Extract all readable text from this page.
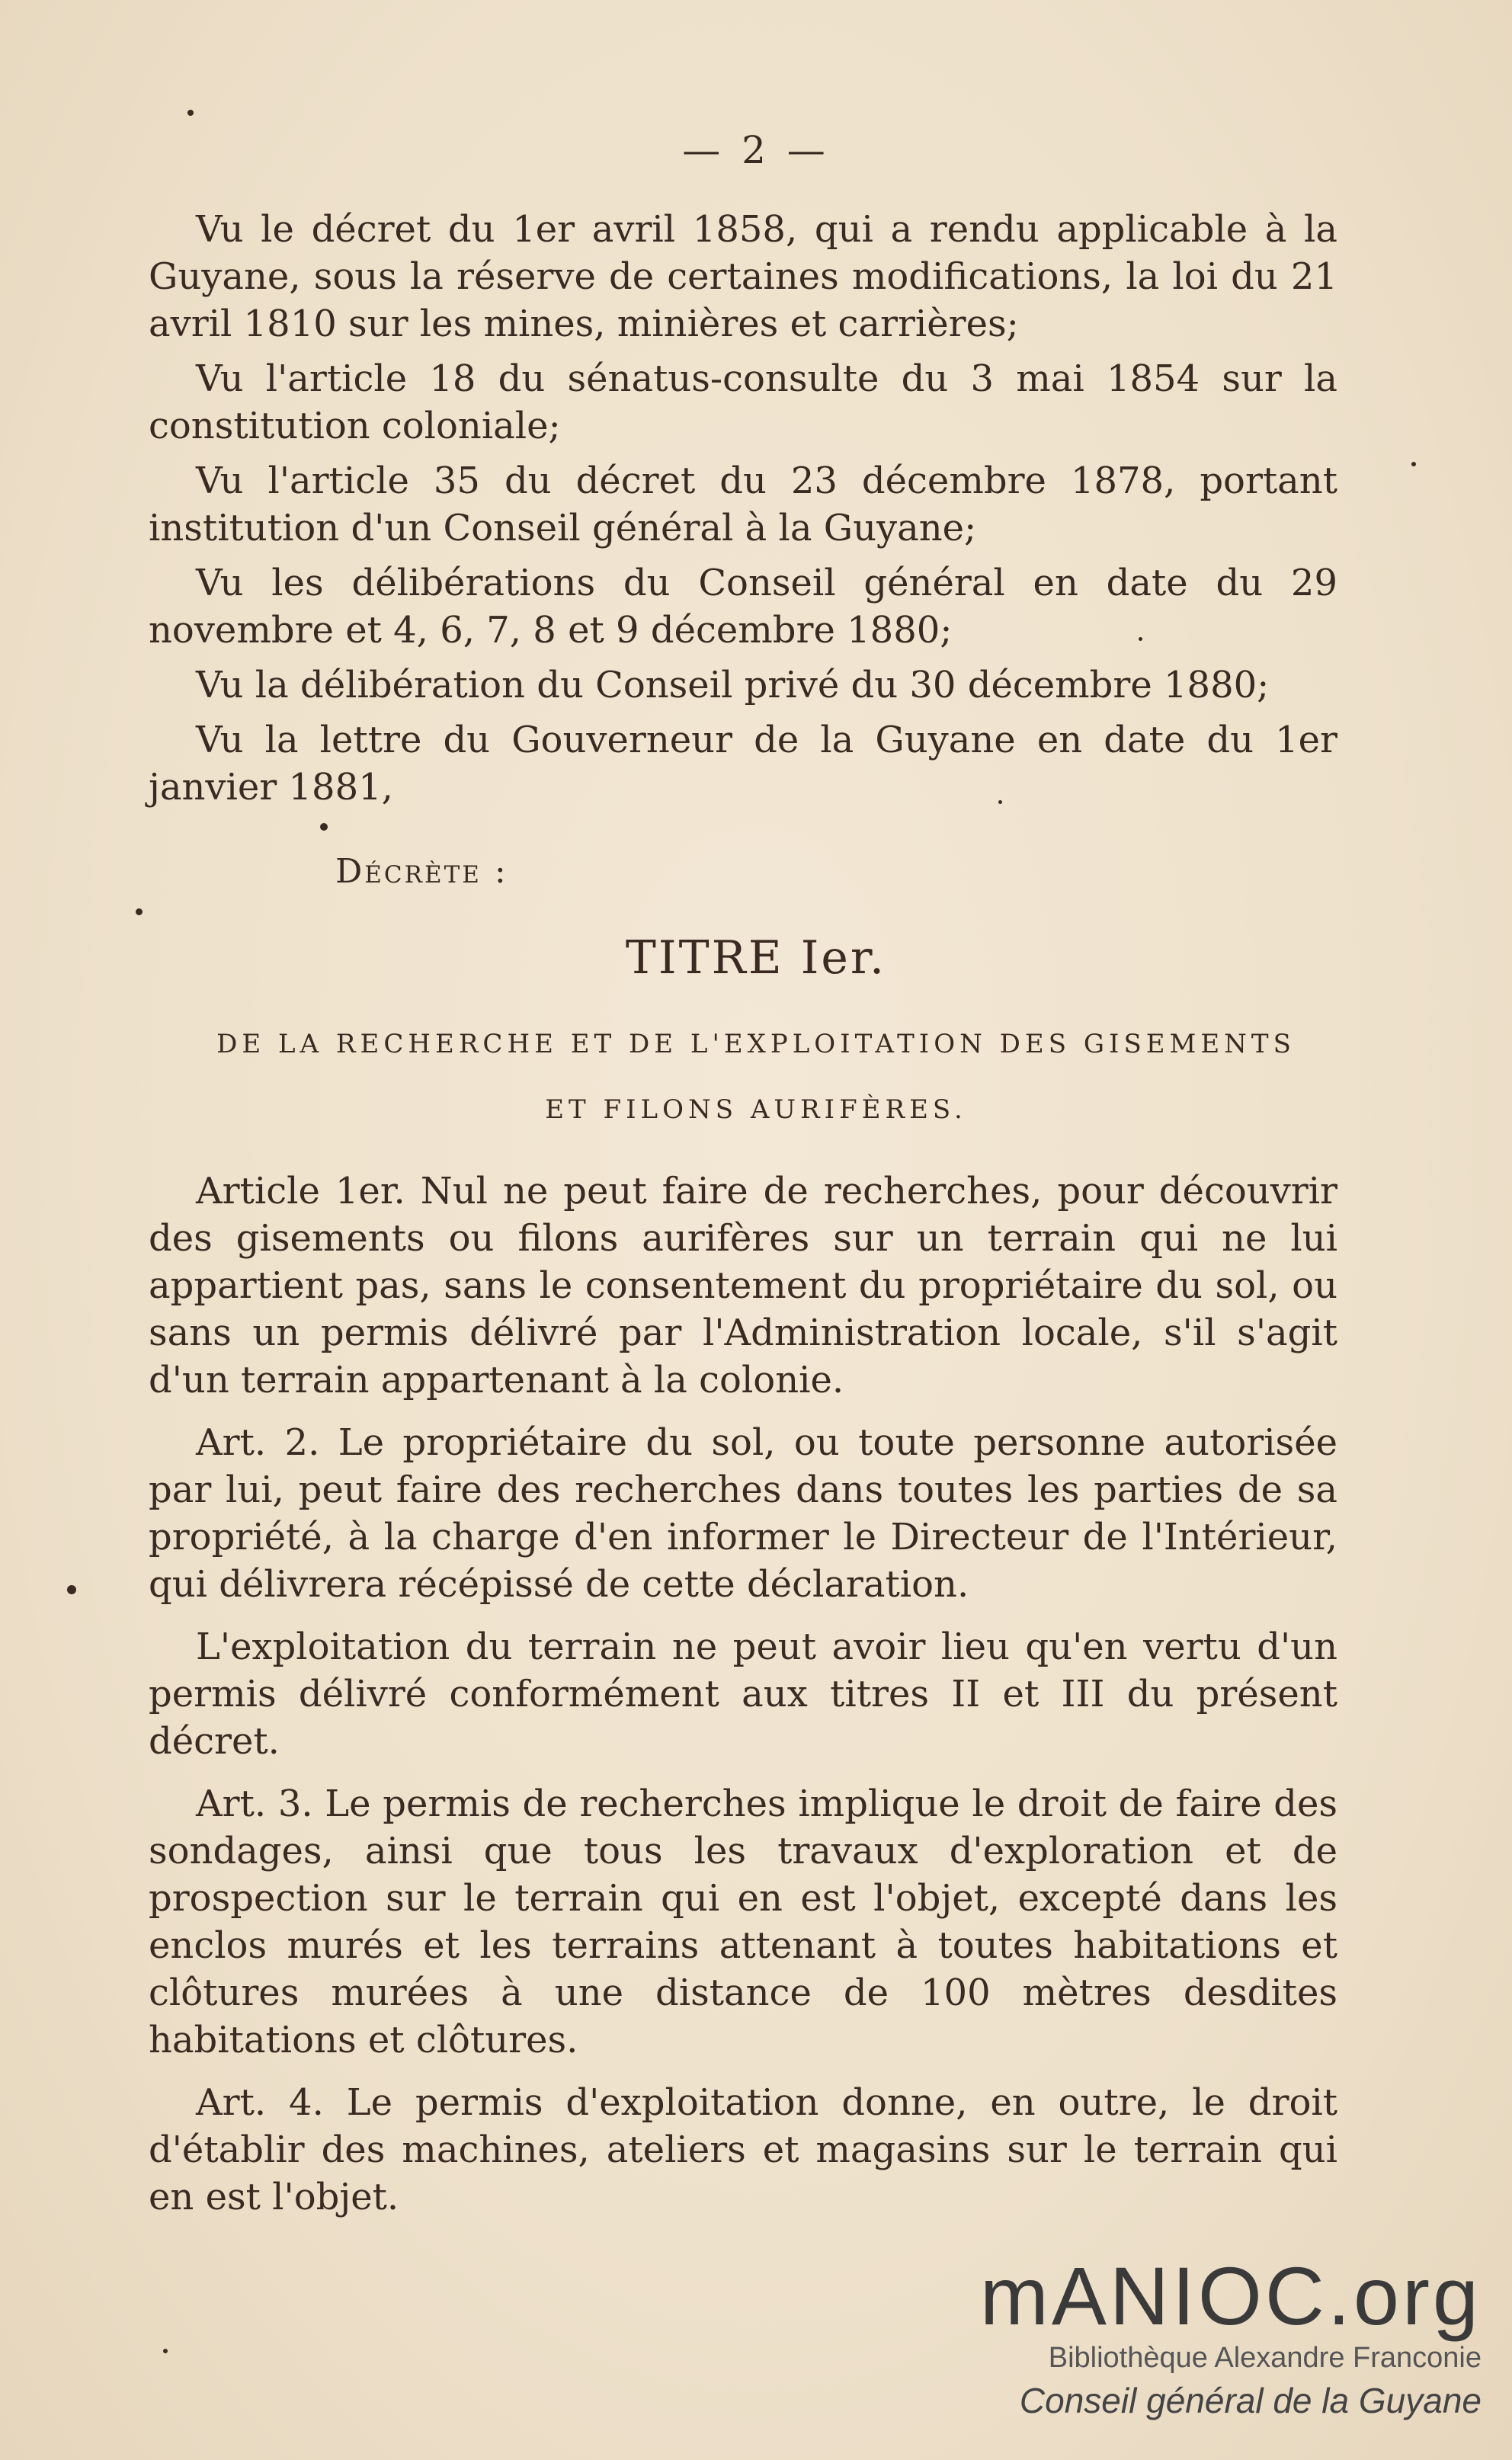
— 2 —

Vu le décret du 1er avril 1858, qui a rendu applicable à la Guyane, sous la réserve de certaines modifications, la loi du 21 avril 1810 sur les mines, minières et carrières;

Vu l'article 18 du sénatus-consulte du 3 mai 1854 sur la constitution coloniale;

Vu l'article 35 du décret du 23 décembre 1878, portant institution d'un Conseil général à la Guyane;

Vu les délibérations du Conseil général en date du 29 novembre et 4, 6, 7, 8 et 9 décembre 1880;

Vu la délibération du Conseil privé du 30 décembre 1880;

Vu la lettre du Gouverneur de la Guyane en date du 1er janvier 1881,

Décrète :
TITRE Ier.
DE LA RECHERCHE ET DE L'EXPLOITATION DES GISEMENTS
ET FILONS AURIFÈRES.

Article 1er. Nul ne peut faire de recherches, pour découvrir des gisements ou filons aurifères sur un terrain qui ne lui appartient pas, sans le consentement du propriétaire du sol, ou sans un permis délivré par l'Administration locale, s'il s'agit d'un terrain appartenant à la colonie.

Art. 2. Le propriétaire du sol, ou toute personne autorisée par lui, peut faire des recherches dans toutes les parties de sa propriété, à la charge d'en informer le Directeur de l'Intérieur, qui délivrera récépissé de cette déclaration.

L'exploitation du terrain ne peut avoir lieu qu'en vertu d'un permis délivré conformément aux titres II et III du présent décret.

Art. 3. Le permis de recherches implique le droit de faire des sondages, ainsi que tous les travaux d'exploration et de prospection sur le terrain qui en est l'objet, excepté dans les enclos murés et les terrains attenant à toutes habitations et clôtures murées à une distance de 100 mètres desdites habitations et clôtures.

Art. 4. Le permis d'exploitation donne, en outre, le droit d'établir des machines, ateliers et magasins sur le terrain qui en est l'objet.

mANIOC.org
Bibliothèque Alexandre Franconie
Conseil général de la Guyane
